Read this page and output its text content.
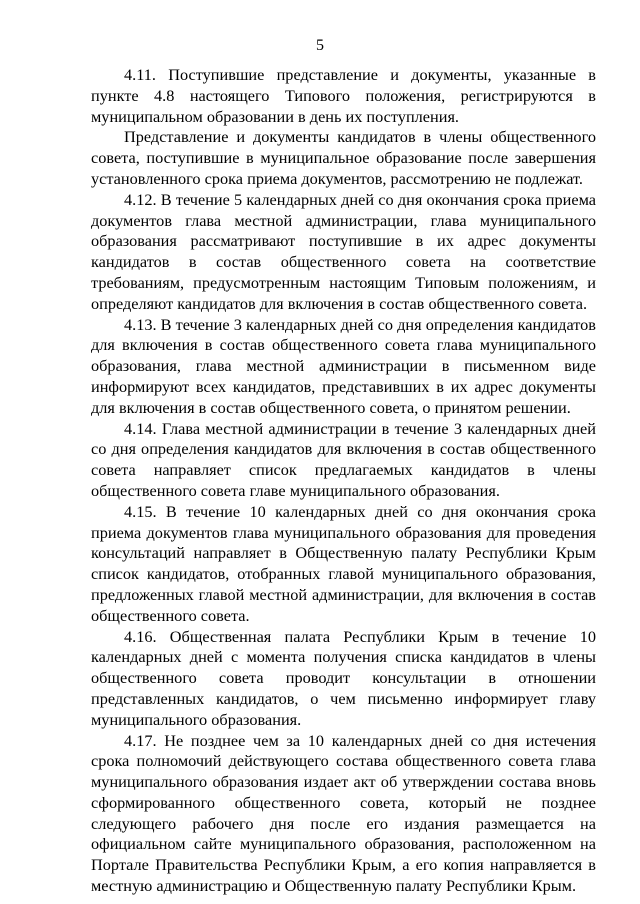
5

4.11. Поступившие представление и документы, указанные в пункте 4.8 настоящего Типового положения, регистрируются в муниципальном образовании в день их поступления.

Представление и документы кандидатов в члены общественного совета, поступившие в муниципальное образование после завершения установленного срока приема документов, рассмотрению не подлежат.

4.12. В течение 5 календарных дней со дня окончания срока приема документов глава местной администрации, глава муниципального образования рассматривают поступившие в их адрес документы кандидатов в состав общественного совета на соответствие требованиям, предусмотренным настоящим Типовым положениям, и определяют кандидатов для включения в состав общественного совета.

4.13. В течение 3 календарных дней со дня определения кандидатов для включения в состав общественного совета глава муниципального образования, глава местной администрации в письменном виде информируют всех кандидатов, представивших в их адрес документы для включения в состав общественного совета, о принятом решении.

4.14. Глава местной администрации в течение 3 календарных дней со дня определения кандидатов для включения в состав общественного совета направляет список предлагаемых кандидатов в члены общественного совета главе муниципального образования.

4.15. В течение 10 календарных дней со дня окончания срока приема документов глава муниципального образования для проведения консультаций направляет в Общественную палату Республики Крым список кандидатов, отобранных главой муниципального образования, предложенных главой местной администрации, для включения в состав общественного совета.

4.16. Общественная палата Республики Крым в течение 10 календарных дней с момента получения списка кандидатов в члены общественного совета проводит консультации в отношении представленных кандидатов, о чем письменно информирует главу муниципального образования.

4.17. Не позднее чем за 10 календарных дней со дня истечения срока полномочий действующего состава общественного совета глава муниципального образования издает акт об утверждении состава вновь сформированного общественного совета, который не позднее следующего рабочего дня после его издания размещается на официальном сайте муниципального образования, расположенном на Портале Правительства Республики Крым, а его копия направляется в местную администрацию и Общественную палату Республики Крым.
